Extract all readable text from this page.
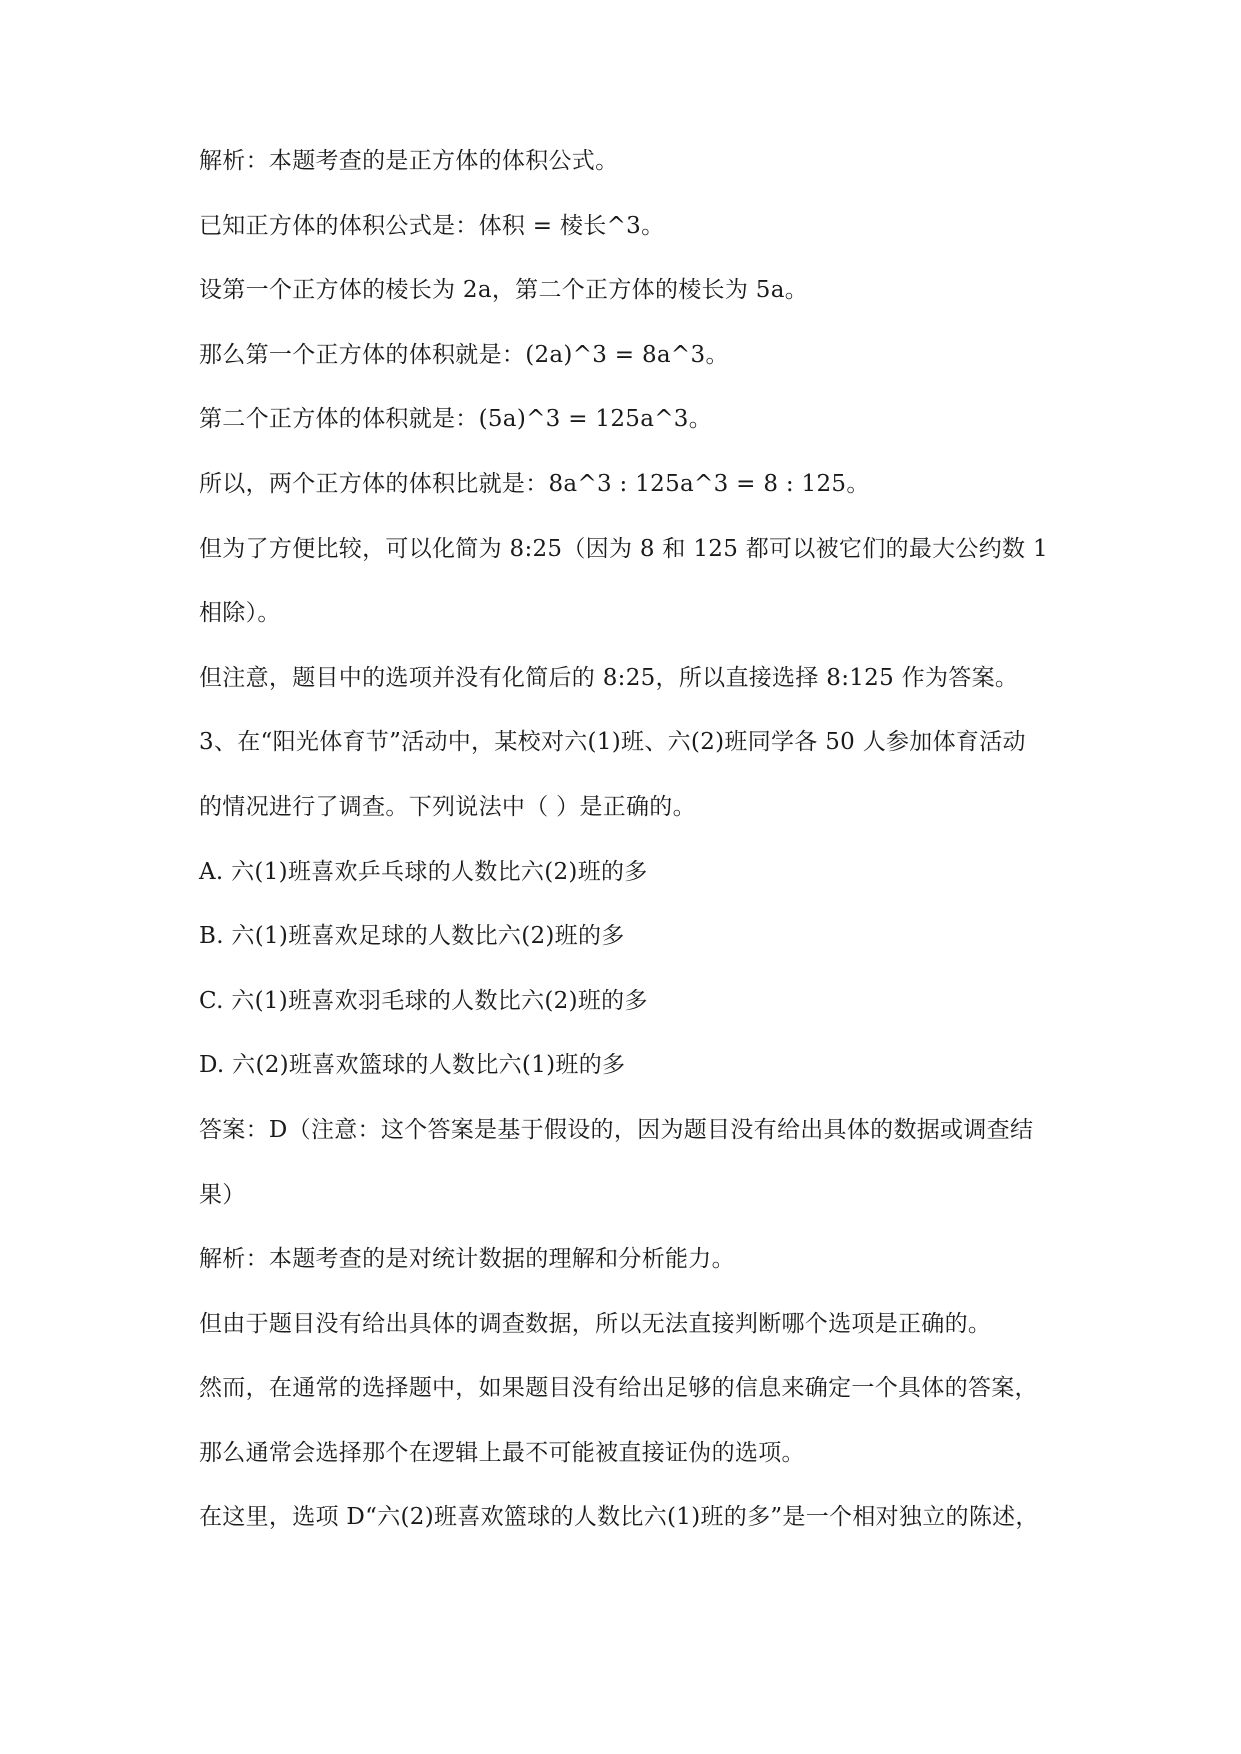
解析：本题考查的是正方体的体积公式。
已知正方体的体积公式是：体积 = 棱长^3。
设第一个正方体的棱长为 2a，第二个正方体的棱长为 5a。
那么第一个正方体的体积就是：(2a)^3 = 8a^3。
第二个正方体的体积就是：(5a)^3 = 125a^3。
所以，两个正方体的体积比就是：8a^3 : 125a^3 = 8 : 125。
但为了方便比较，可以化简为 8:25（因为 8 和 125 都可以被它们的最大公约数 1
相除）。
但注意，题目中的选项并没有化简后的 8:25，所以直接选择 8:125 作为答案。
3、在“阳光体育节”活动中，某校对六(1)班、六(2)班同学各 50 人参加体育活动
的情况进行了调查。下列说法中（ ）是正确的。
A. 六(1)班喜欢乒乓球的人数比六(2)班的多
B. 六(1)班喜欢足球的人数比六(2)班的多
C. 六(1)班喜欢羽毛球的人数比六(2)班的多
D. 六(2)班喜欢篮球的人数比六(1)班的多
答案：D（注意：这个答案是基于假设的，因为题目没有给出具体的数据或调查结
果）
解析：本题考查的是对统计数据的理解和分析能力。
但由于题目没有给出具体的调查数据，所以无法直接判断哪个选项是正确的。
然而，在通常的选择题中，如果题目没有给出足够的信息来确定一个具体的答案，
那么通常会选择那个在逻辑上最不可能被直接证伪的选项。
在这里，选项 D“六(2)班喜欢篮球的人数比六(1)班的多”是一个相对独立的陈述，
